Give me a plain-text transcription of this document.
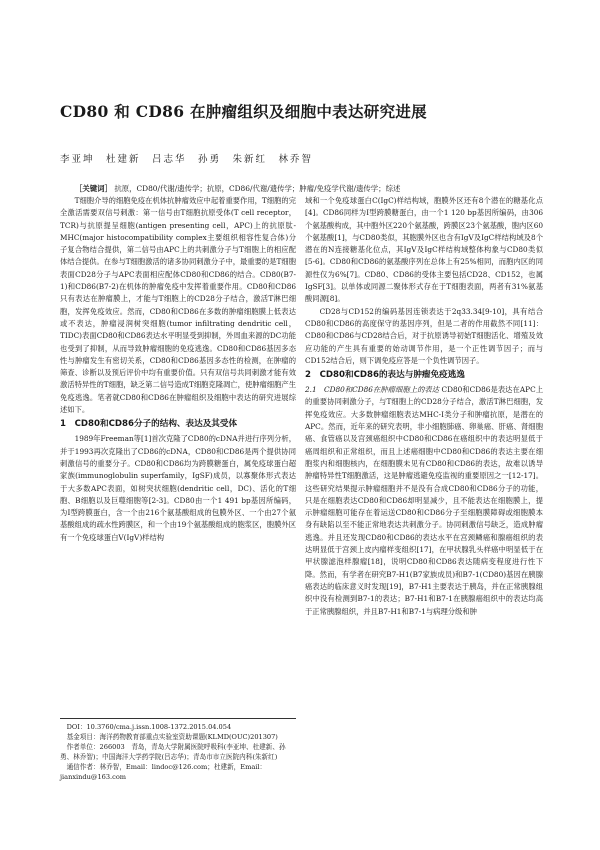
CD80 和 CD86 在肿瘤组织及细胞中表达研究进展
李亚坤　杜建新　吕志华　孙勇　朱新红　林乔智
［关键词］ 抗原，CD80/代谢/遗传学；抗原，CD86/代谢/遗传学；肿瘤/免疫学代谢/遗传学；综述

T细胞介导的细胞免疫在机体抗肿瘤效应中起着重要作用，T细胞的完全激活需要双信号刺激：第一信号由T细胞抗原受体(T cell receptor，TCR)与抗原提呈细胞(antigen presenting cell，APC)上的抗原肽-MHC(major histocompatibility complex主要组织相容性复合体)分子复合物结合提供，第二信号由APC上的共刺激分子与T细胞上的相应配体结合提供。在参与T细胞激活的诸多协同刺激分子中，最重要的是T细胞表面CD28分子与APC表面相应配体CD80和CD86的结合。CD80(B7-1)和CD86(B7-2)在机体的肿瘤免疫中发挥着重要作用。CD80和CD86只有表达在肿瘤膜上，才能与T细胞上的CD28分子结合，激活T淋巴细胞，发挥免疫效应。然而，CD80和CD86在多数的肿瘤细胞膜上低表达或不表达，肿瘤浸润树突细胞(tumor infiltrating dendritic cell，TIDC)表面CD80和CD86表达水平明显受到抑制，外周血来源的DC功能也受到了抑制，从而导致肿瘤细胞的免疫逃逸。CD80和CD86基因多态性与肿瘤发生有密切关系，CD80和CD86基因多态性的检测，在肿瘤的筛查、诊断以及预后评价中均有重要价值。只有双信号共同刺激才能有效激活特异性的T细胞，缺乏第二信号造成T细胞克隆凋亡，使肿瘤细胞产生免疫逃逸。笔者就CD80和CD86在肿瘤组织及细胞中表达的研究进展综述如下。

1　CD80和CD86分子的结构、表达及其受体

1989年Freeman等[1]首次克隆了CD80的cDNA并进行序列分析，并于1993再次克隆出了CD86的cDNA，CD80和CD86是两个提供协同刺激信号的重要分子。CD80和CD86均为跨膜糖蛋白，属免疫球蛋白超家族(immunoglobulin superfamily，IgSF)成员，以寡聚体形式表达于大多数APC表面，如树突状细胞(dendritic cell，DC)、活化的T细胞、B细胞以及巨噬细胞等[2-3]。CD80由一个1 491 bp基因所编码，为I型跨膜蛋白，含一个由216个氨基酸组成的包膜外区、一个由27个氨基酸组成的疏水性跨膜区，和一个由19个氨基酸组成的胞浆区，胞膜外区有一个免疫球蛋白V(IgV)样结构

DOI：10.3760/cma.j.issn.1008-1372.2015.04.054
基金项目：海洋药物教育部重点实验室资助课题(KLMD(OUC)201307)
作者单位：266003　青岛，青岛大学附属医院呼吸科(李亚坤、杜建新、孙勇、林乔智)；中国海洋大学药学院(吕志华)；青岛市市立医院内科(朱新红)
通信作者：林乔智，Email：lindoc@126.com；杜建新，Email：jianxindu@163.com

域和一个免疫球蛋白C(IgC)样结构域，胞膜外区还有8个潜在的糖基化点[4]。CD86同样为I型跨膜糖蛋白，由一个1 120 bp基因所编码，由306个氨基酸构成，其中胞外区220个氨基酸，跨膜区23个氨基酸，胞内区60个氨基酸[1]，与CD80类似，其胞膜外区也含有IgV及IgC样结构域及8个潜在的N连接糖基化位点，其IgV及IgC样结构域整体构象与CD80类似[5-6]。CD80和CD86的氨基酸序列在总体上有25%相同，而胞内区的同源性仅为6%[7]。CD80、CD86的受体主要包括CD28、CD152，也属IgSF[3]。以单体或同源二聚体形式存在于T细胞表面，两者有31%氨基酸同源[8]。

CD28与CD152的编码基因连锁表达于2q33.34[9-10]，具有结合CD80和CD86的高度保守的基因序列，但是二者的作用截然不同[11]：CD80和CD86与CD28结合后，对于抗原诱导初始T细胞活化、增殖及效应功能的产生具有重要的始动调节作用，是一个正性调节因子；而与CD152结合后，则下调免疫应答是一个负性调节因子。

2　CD80和CD86的表达与肿瘤免疫逃逸

2.1　CD80和CD86在肿瘤细胞上的表达 CD80和CD86是表达在APC上的重要协同刺激分子，与T细胞上的CD28分子结合，激活T淋巴细胞，发挥免疫效应。大多数肿瘤细胞表达MHC-I类分子和肿瘤抗原，是潜在的APC。然而，近年来的研究表明，非小细胞肺癌、卵巢癌、肝癌、肾细胞癌、食管癌以及宫颈癌组织中CD80和CD86在癌组织中的表达明显低于癌周组织和正常组织，而且上述癌细胞中CD80和CD86的表达主要在细胞浆内和细胞核内，在细胞膜未见有CD80和CD86的表达，故难以诱导肿瘤特异性T细胞激活，这是肿瘤逃避免疫监视的重要原因之一[12-17]。这些研究结果提示肿瘤细胞并不是没有合成CD80和CD86分子的功能，只是在细胞表达CD80和CD86却明显减少，且不能表达在细胞膜上，提示肿瘤细胞可能存在着运送CD80和CD86分子至细胞膜障碍或细胞膜本身有缺陷以至不能正常地表达共刺激分子。协同刺激信号缺乏，造成肿瘤逃逸。并且还发现CD80和CD86的表达水平在宫颈鳞癌和腺癌组织的表达明显低于宫颈上皮内瘤样变组织[17]，在甲状腺乳头样癌中明显低于在甲状腺滤泡样腺瘤[18]，说明CD80和CD86表达随病变程度进行性下降。然而，有学者在研究B7-H1(B7家族成员)和B7-1(CD80)基因在胰腺癌表达的临床意义时发现[19]，B7-H1主要表达于胰岛，并在正常胰腺组织中没有检测到B7-1的表达；B7-H1和B7-1在胰腺癌组织中的表达均高于正常胰腺组织，并且B7-H1和B7-1与病理分级和肿
